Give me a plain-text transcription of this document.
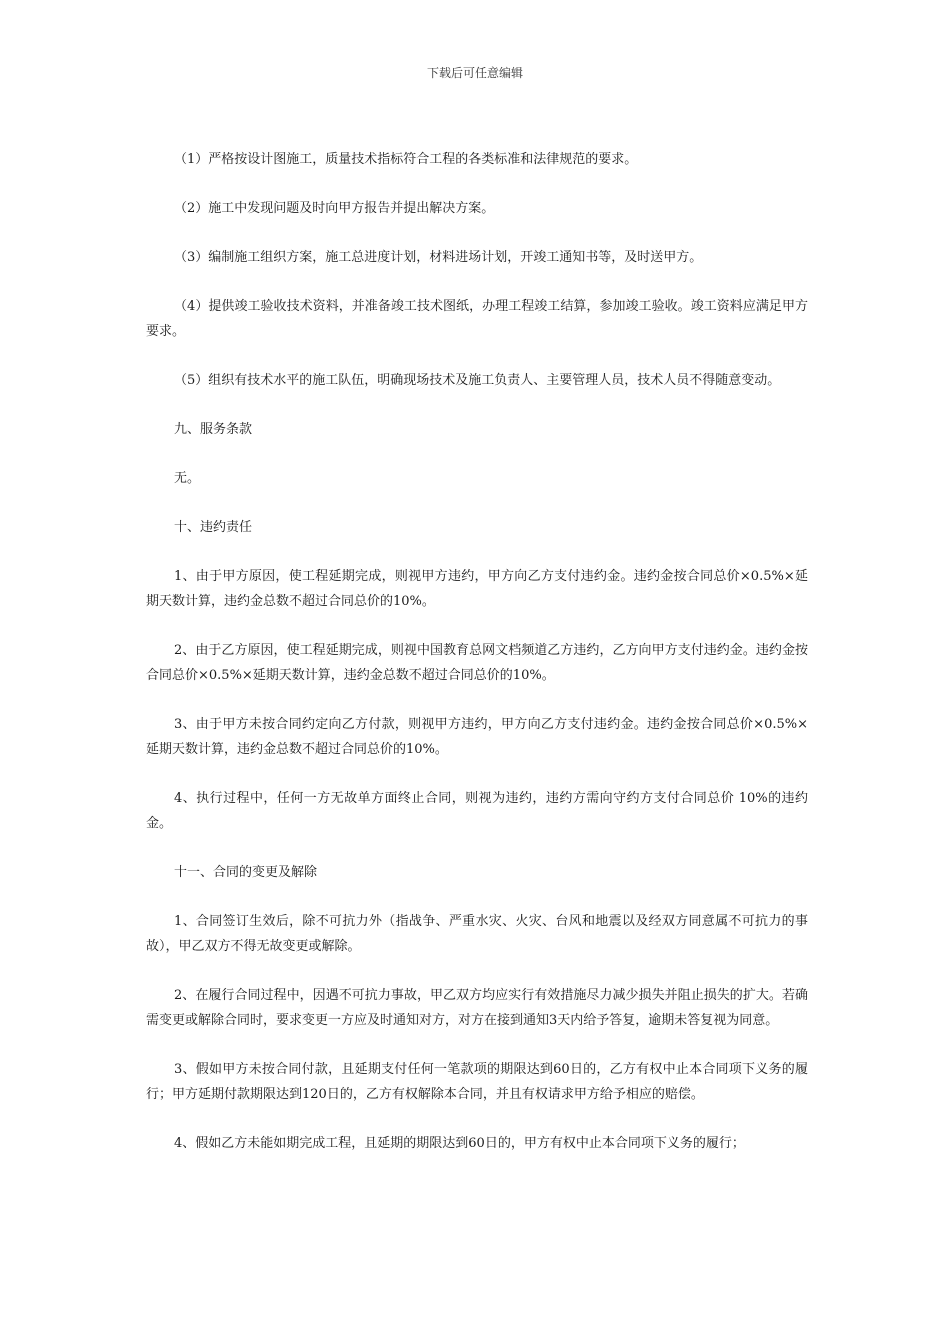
下载后可任意编辑

（1）严格按设计图施工，质量技术指标符合工程的各类标准和法律规范的要求。

（2）施工中发现问题及时向甲方报告并提出解决方案。

（3）编制施工组织方案，施工总进度计划，材料进场计划，开竣工通知书等，及时送甲方。

（4）提供竣工验收技术资料，并准备竣工技术图纸，办理工程竣工结算，参加竣工验收。竣工资料应满足甲方要求。

（5）组织有技术水平的施工队伍，明确现场技术及施工负责人、主要管理人员，技术人员不得随意变动。

九、服务条款

无。

十、违约责任

1、由于甲方原因，使工程延期完成，则视甲方违约，甲方向乙方支付违约金。违约金按合同总价×0.5%×延期天数计算，违约金总数不超过合同总价的10%。

2、由于乙方原因，使工程延期完成，则视中国教育总网文档频道乙方违约，乙方向甲方支付违约金。违约金按合同总价×0.5%×延期天数计算，违约金总数不超过合同总价的10%。

3、由于甲方未按合同约定向乙方付款，则视甲方违约，甲方向乙方支付违约金。违约金按合同总价×0.5%×延期天数计算，违约金总数不超过合同总价的10%。

4、执行过程中，任何一方无故单方面终止合同，则视为违约，违约方需向守约方支付合同总价 10%的违约金。

十一、合同的变更及解除

1、合同签订生效后，除不可抗力外（指战争、严重水灾、火灾、台风和地震以及经双方同意属不可抗力的事故），甲乙双方不得无故变更或解除。

2、在履行合同过程中，因遇不可抗力事故，甲乙双方均应实行有效措施尽力减少损失并阻止损失的扩大。若确需变更或解除合同时，要求变更一方应及时通知对方，对方在接到通知3天内给予答复，逾期未答复视为同意。

3、假如甲方未按合同付款，且延期支付任何一笔款项的期限达到60日的，乙方有权中止本合同项下义务的履行；甲方延期付款期限达到120日的，乙方有权解除本合同，并且有权请求甲方给予相应的赔偿。

4、假如乙方未能如期完成工程，且延期的期限达到60日的，甲方有权中止本合同项下义务的履行；
